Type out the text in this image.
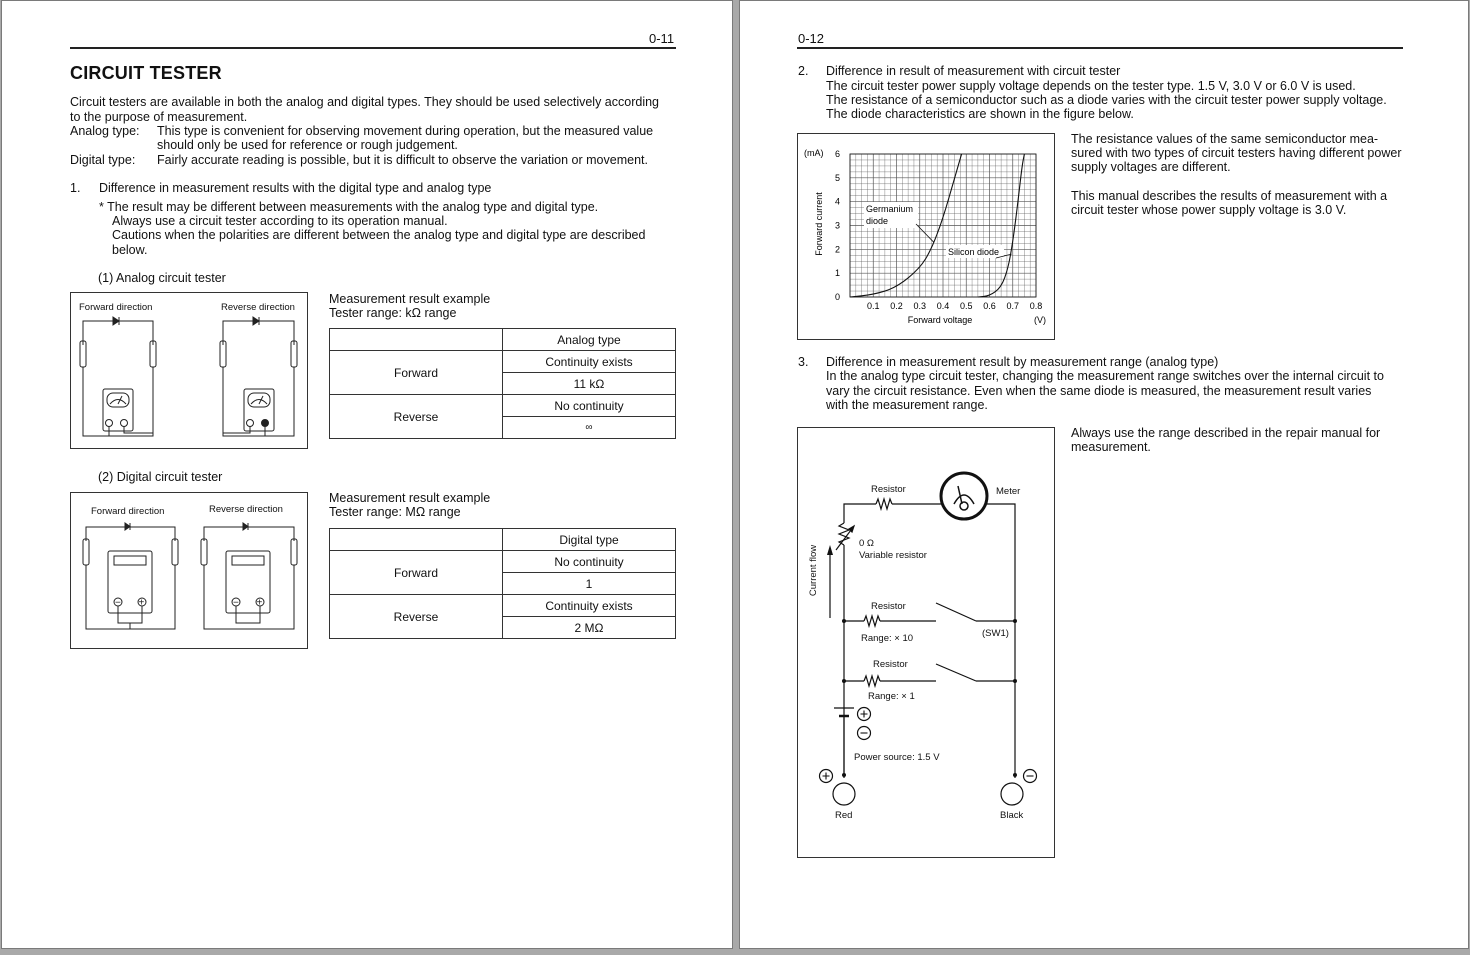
0-11
CIRCUIT TESTER
Circuit testers are available in both the analog and digital types. They should be used selectively according
to the purpose of measurement.
Analog type: This type is convenient for observing movement during operation, but the measured value
should only be used for reference or rough judgement.
Digital type: Fairly accurate reading is possible, but it is difficult to observe the variation or movement.
1. Difference in measurement results with the digital type and analog type
* The result may be different between measurements with the analog type and digital type.
Always use a circuit tester according to its operation manual.
Cautions when the polarities are different between the analog type and digital type are described
below.
(1) Analog circuit tester
Forward direction	Reverse direction
Measurement result example
Tester range: kΩ range
	Analog type
Forward	Continuity exists
	11 kΩ
Reverse	No continuity
	∞
(2) Digital circuit tester
Forward direction	Reverse direction
− +	− +
Measurement result example
Tester range: MΩ range
	Digital type
Forward	No continuity
	1
Reverse	Continuity exists
	2 MΩ
0-12
2. Difference in result of measurement with circuit tester
The circuit tester power supply voltage depends on the tester type. 1.5 V, 3.0 V or 6.0 V is used.
The resistance of a semiconductor such as a diode varies with the circuit tester power supply voltage.
The diode characteristics are shown in the figure below.
0.1 0.2 0.3 0.4 0.5 0.6 0.7 0.8
0
1
2
3
4
5
6
(mA)
Forward current
Forward voltage	(V)
Germanium
diode
Silicon diode
The resistance values of the same semiconductor mea-
sured with two types of circuit testers having different power
supply voltages are different.
This manual describes the results of measurement with a
circuit tester whose power supply voltage is 3.0 V.
3. Difference in measurement result by measurement range (analog type)
In the analog type circuit tester, changing the measurement range switches over the internal circuit to
vary the circuit resistance. Even when the same diode is measured, the measurement result varies
with the measurement range.
Always use the range described in the repair manual for
measurement.
Resistor	Meter
0 Ω
Variable resistor
Current flow
Resistor
Range: × 10	(SW1)
Resistor
Range: × 1
Power source: 1.5 V
Red	Black
